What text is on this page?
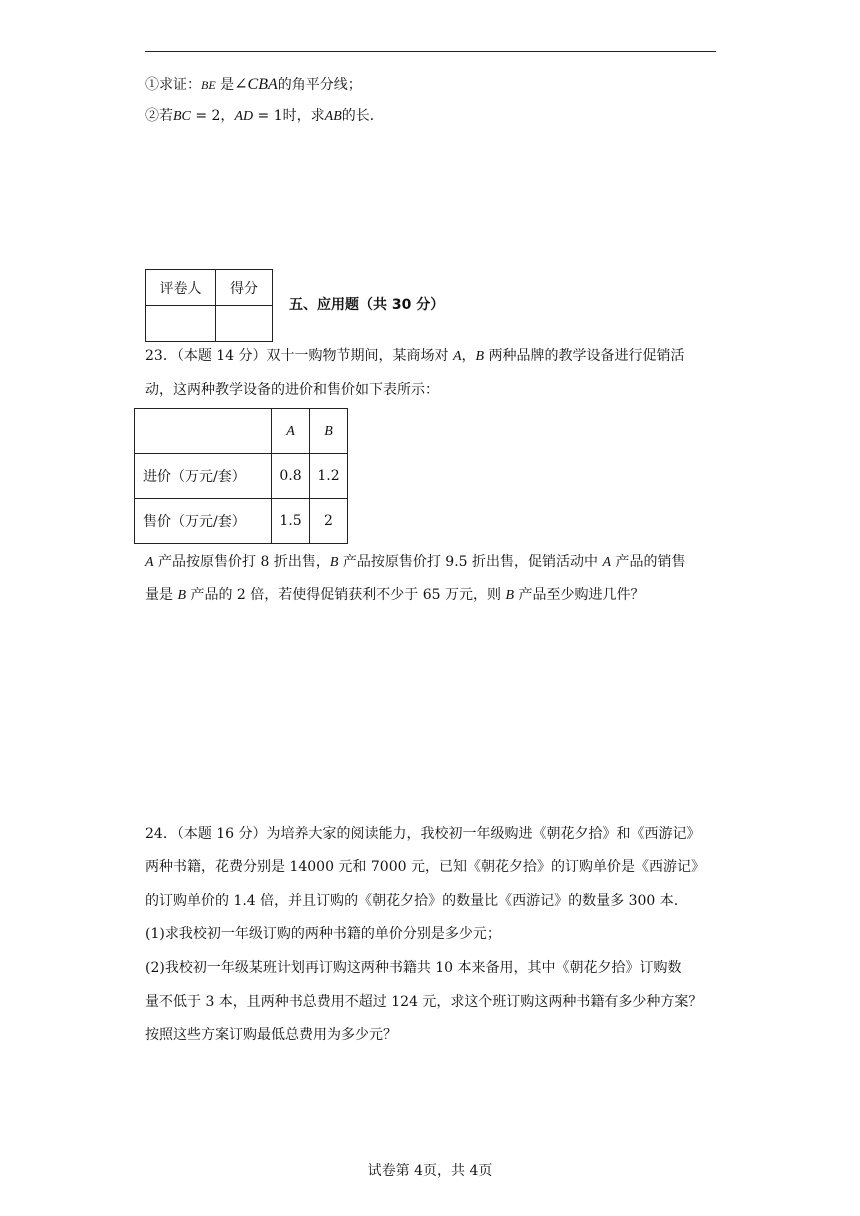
①求证：BE 是∠CBA的角平分线；
②若BC = 2，AD = 1时，求AB的长．
评卷人	得分

五、应用题（共 30 分）
23．（本题 14 分）双十一购物节期间，某商场对 A，B 两种品牌的教学设备进行促销活
动，这两种教学设备的进价和售价如下表所示：
	A	B
进价（万元/套）	0.8	1.2
售价（万元/套）	1.5	2
A 产品按原售价打 8 折出售，B 产品按原售价打 9.5 折出售，促销活动中 A 产品的销售
量是 B 产品的 2 倍，若使得促销获利不少于 65 万元，则 B 产品至少购进几件？
24．（本题 16 分）为培养大家的阅读能力，我校初一年级购进《朝花夕拾》和《西游记》
两种书籍，花费分别是 14000 元和 7000 元，已知《朝花夕拾》的订购单价是《西游记》
的订购单价的 1.4 倍，并且订购的《朝花夕拾》的数量比《西游记》的数量多 300 本．
(1)求我校初一年级订购的两种书籍的单价分别是多少元；
(2)我校初一年级某班计划再订购这两种书籍共 10 本来备用，其中《朝花夕拾》订购数
量不低于 3 本，且两种书总费用不超过 124 元，求这个班订购这两种书籍有多少种方案？
按照这些方案订购最低总费用为多少元？
试卷第 4页，共 4页
